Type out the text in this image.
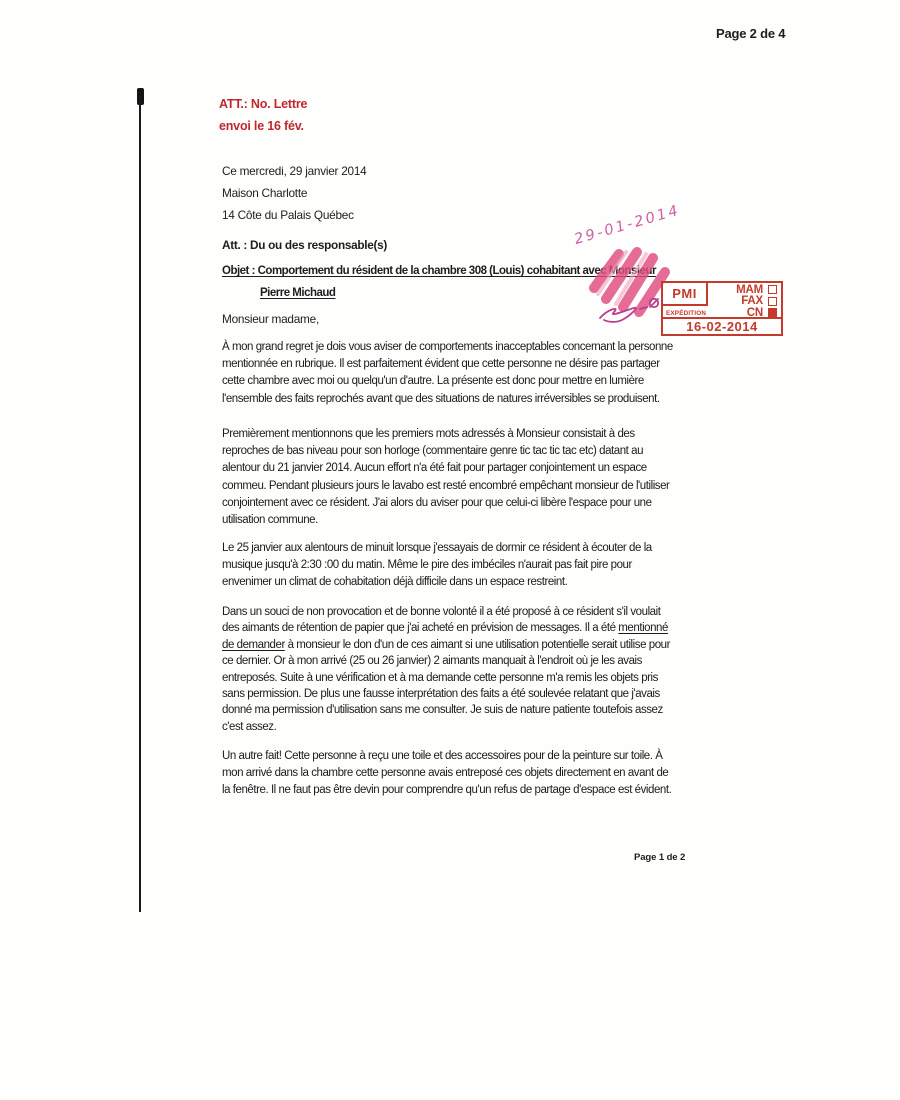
Page 2 de 4
ATT.: No. Lettre
envoi le 16 fév.
Ce mercredi, 29 janvier 2014
Maison Charlotte
14 Côte du Palais Québec
Att. : Du ou des responsable(s)
Objet : Comportement du résident de la chambre 308 (Louis) cohabitant avec Monsieur
Pierre Michaud
Monsieur madame,
À mon grand regret je dois vous aviser de comportements inacceptables concernant la personne mentionnée en rubrique. Il est parfaitement évident que cette personne ne désire pas partager cette chambre avec moi ou quelqu'un d'autre. La présente est donc pour mettre en lumière l'ensemble des faits reprochés avant que des situations de natures irréversibles se produisent.
Premièrement mentionnons que les premiers mots adressés à Monsieur consistait à des reproches de bas niveau pour son horloge (commentaire genre tic tac tic tac etc) datant au alentour du 21 janvier 2014. Aucun effort n'a été fait pour partager conjointement un espace commeu. Pendant plusieurs jours le lavabo est resté encombré empêchant monsieur de l'utiliser conjointement avec ce résident. J'ai alors du aviser pour que celui-ci libère l'espace pour une utilisation commune.
Le 25 janvier aux alentours de minuit lorsque j'essayais de dormir ce résident à écouter de la musique jusqu'à 2:30 :00 du matin. Même le pire des imbéciles n'aurait pas fait pire pour envenimer un climat de cohabitation déjà difficile dans un espace restreint.
Dans un souci de non provocation et de bonne volonté il a été proposé à ce résident s'il voulait des aimants de rétention de papier que j'ai acheté en prévision de messages. Il a été mentionné de demander à monsieur le don d'un de ces aimant si une utilisation potentielle serait utilise pour ce dernier. Or à mon arrivé (25 ou 26 janvier) 2 aimants manquait à l'endroit où je les avais entreposés. Suite à une vérification et à ma demande cette personne m'a remis les objets pris sans permission. De plus une fausse interprétation des faits a été soulevée relatant que j'avais donné ma permission d'utilisation sans me consulter. Je suis de nature patiente toutefois assez c'est assez.
Un autre fait! Cette personne à reçu une toile et des accessoires pour de la peinture sur toile. À mon arrivé dans la chambre cette personne avais entreposé ces objets directement en avant de la fenêtre. Il ne faut pas être devin pour comprendre qu'un refus de partage d'espace est évident.
Page 1 de 2
29-01-2014
PMI	MAM
FAX
CN
EXPÉDITION
16-02-2014
